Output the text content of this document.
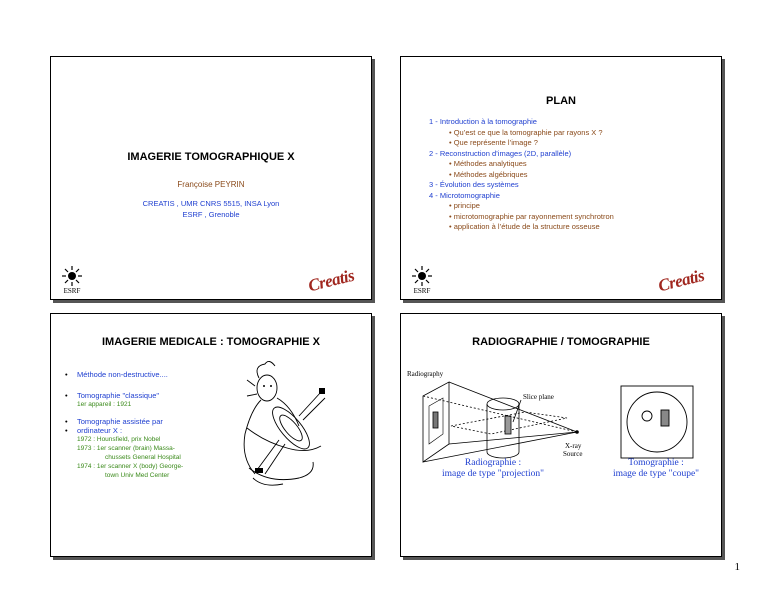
IMAGERIE TOMOGRAPHIQUE X
Françoise PEYRIN
CREATIS , UMR CNRS 5515, INSA Lyon
ESRF , Grenoble
ESRF	Creatis
PLAN
1 - Introduction à la tomographie
• Qu’est ce que la tomographie par rayons X ?
• Que représente l’image ?
2 - Reconstruction d’images (2D, parallèle)
• Méthodes analytiques
• Méthodes algébriques
3 - Évolution des systèmes
4 - Microtomographie
• principe
• microtomographie par rayonnement synchrotron
• application à l’étude de la structure osseuse
ESRF	Creatis
IMAGERIE MEDICALE : TOMOGRAPHIE X
• Méthode non-destructive....
• Tomographie "classique"
1er appareil : 1921
• Tomographie assistée par
• ordinateur X :
1972 : Hounsfield, prix Nobel
1973 : 1er scanner (brain) Massa-
chussets General Hospital
1974 : 1er scanner X (body) George-
town Univ Med Center
RADIOGRAPHIE / TOMOGRAPHIE
Radiography
Slice plane
X-ray
Source
Radiographie :
image de type "projection"
Tomographie :
image de type "coupe"
1
